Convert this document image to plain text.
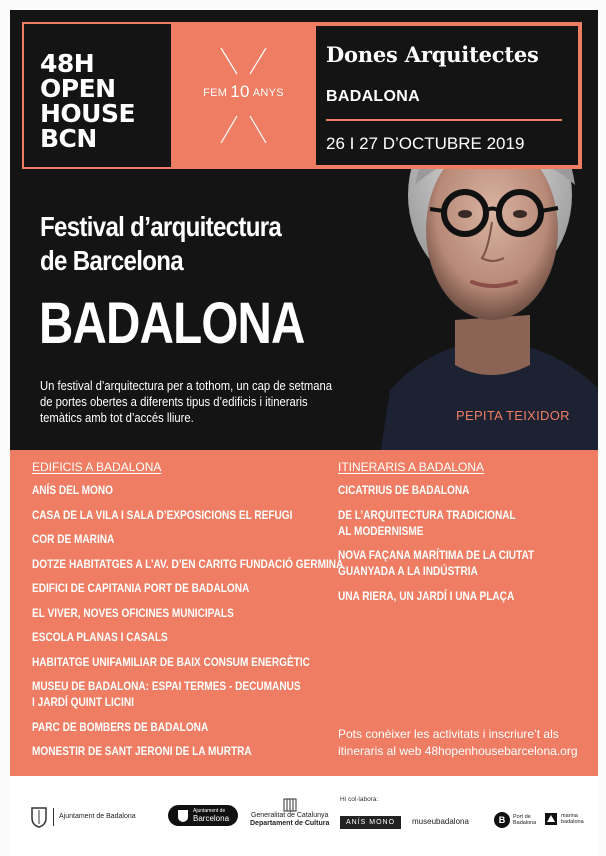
Festival d’arquitectura
de Barcelona
BADALONA
Un festival d’arquitectura per a tothom, un cap de setmana de portes obertes a diferents tipus d’edificis i itineraris temàtics amb tot d’accés lliure.	PEPITA TEIXIDOR
48H
OPEN
HOUSE
BCN
FEM 10 ANYS
Dones Arquitectes
BADALONA
26 I 27 D’OCTUBRE 2019
EDIFICIS A BADALONA
ANÍS DEL MONO
CASA DE LA VILA I SALA D’EXPOSICIONS EL REFUGI
COR DE MARINA
DOTZE HABITATGES A L’AV. D’EN CARITG FUNDACIÓ GERMINA
EDIFICI DE CAPITANIA PORT DE BADALONA
EL VIVER, NOVES OFICINES MUNICIPALS
ESCOLA PLANAS I CASALS
HABITATGE UNIFAMILIAR DE BAIX CONSUM ENERGÈTIC
MUSEU DE BADALONA: ESPAI TERMES - DECUMANUS
I JARDÍ QUINT LICINI
PARC DE BOMBERS DE BADALONA
MONESTIR DE SANT JERONI DE LA MURTRA
ITINERARIS A BADALONA
CICATRIUS DE BADALONA
DE L’ARQUITECTURA TRADICIONAL
AL MODERNISME
NOVA FAÇANA MARÍTIMA DE LA CIUTAT
GUANYADA A LA INDÚSTRIA
UNA RIERA, UN JARDÍ I UNA PLAÇA
Pots conèixer les activitats i inscriure’t als itineraris al web 48hopenhousebarcelona.org
Ajuntament de Badalona
Ajuntament de
Barcelona	Generalitat de Catalunya
Departament de Cultura
Hi col·labora:
ANÍS MONO	museubadalona	B	Port de
Badalona
marina
badalona
